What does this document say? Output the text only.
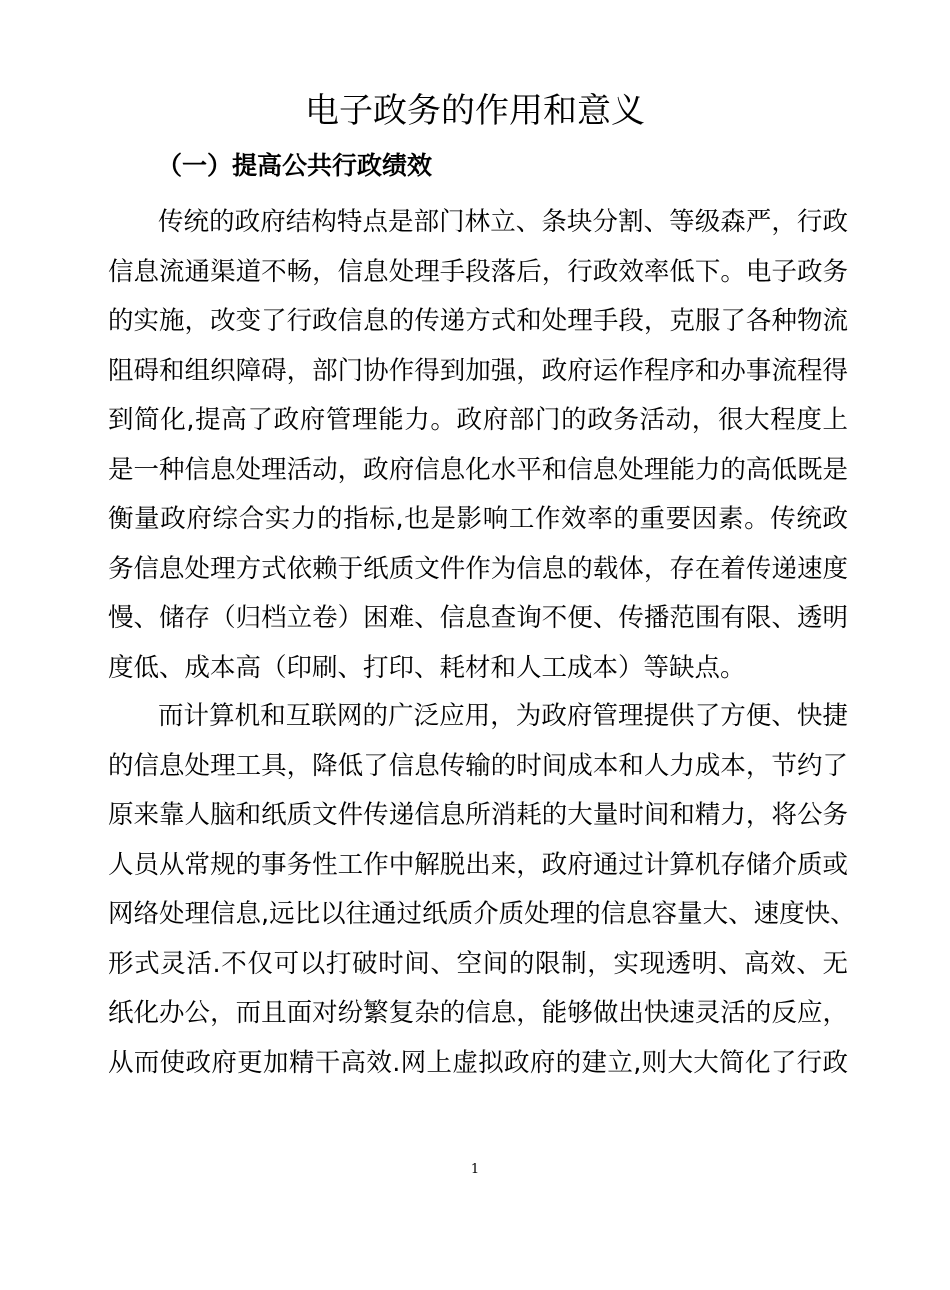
电子政务的作用和意义
（一）提高公共行政绩效
传统的政府结构特点是部门林立、条块分割、等级森严，行政
信息流通渠道不畅，信息处理手段落后，行政效率低下。电子政务
的实施，改变了行政信息的传递方式和处理手段，克服了各种物流
阻碍和组织障碍，部门协作得到加强，政府运作程序和办事流程得
到简化,提高了政府管理能力。政府部门的政务活动，很大程度上
是一种信息处理活动，政府信息化水平和信息处理能力的高低既是
衡量政府综合实力的指标,也是影响工作效率的重要因素。传统政
务信息处理方式依赖于纸质文件作为信息的载体，存在着传递速度
慢、储存（归档立卷）困难、信息查询不便、传播范围有限、透明
度低、成本高（印刷、打印、耗材和人工成本）等缺点。
而计算机和互联网的广泛应用，为政府管理提供了方便、快捷
的信息处理工具，降低了信息传输的时间成本和人力成本，节约了
原来靠人脑和纸质文件传递信息所消耗的大量时间和精力，将公务
人员从常规的事务性工作中解脱出来，政府通过计算机存储介质或
网络处理信息,远比以往通过纸质介质处理的信息容量大、速度快、
形式灵活.不仅可以打破时间、空间的限制，实现透明、高效、无
纸化办公，而且面对纷繁复杂的信息，能够做出快速灵活的反应，
从而使政府更加精干高效.网上虚拟政府的建立,则大大简化了行政
1
